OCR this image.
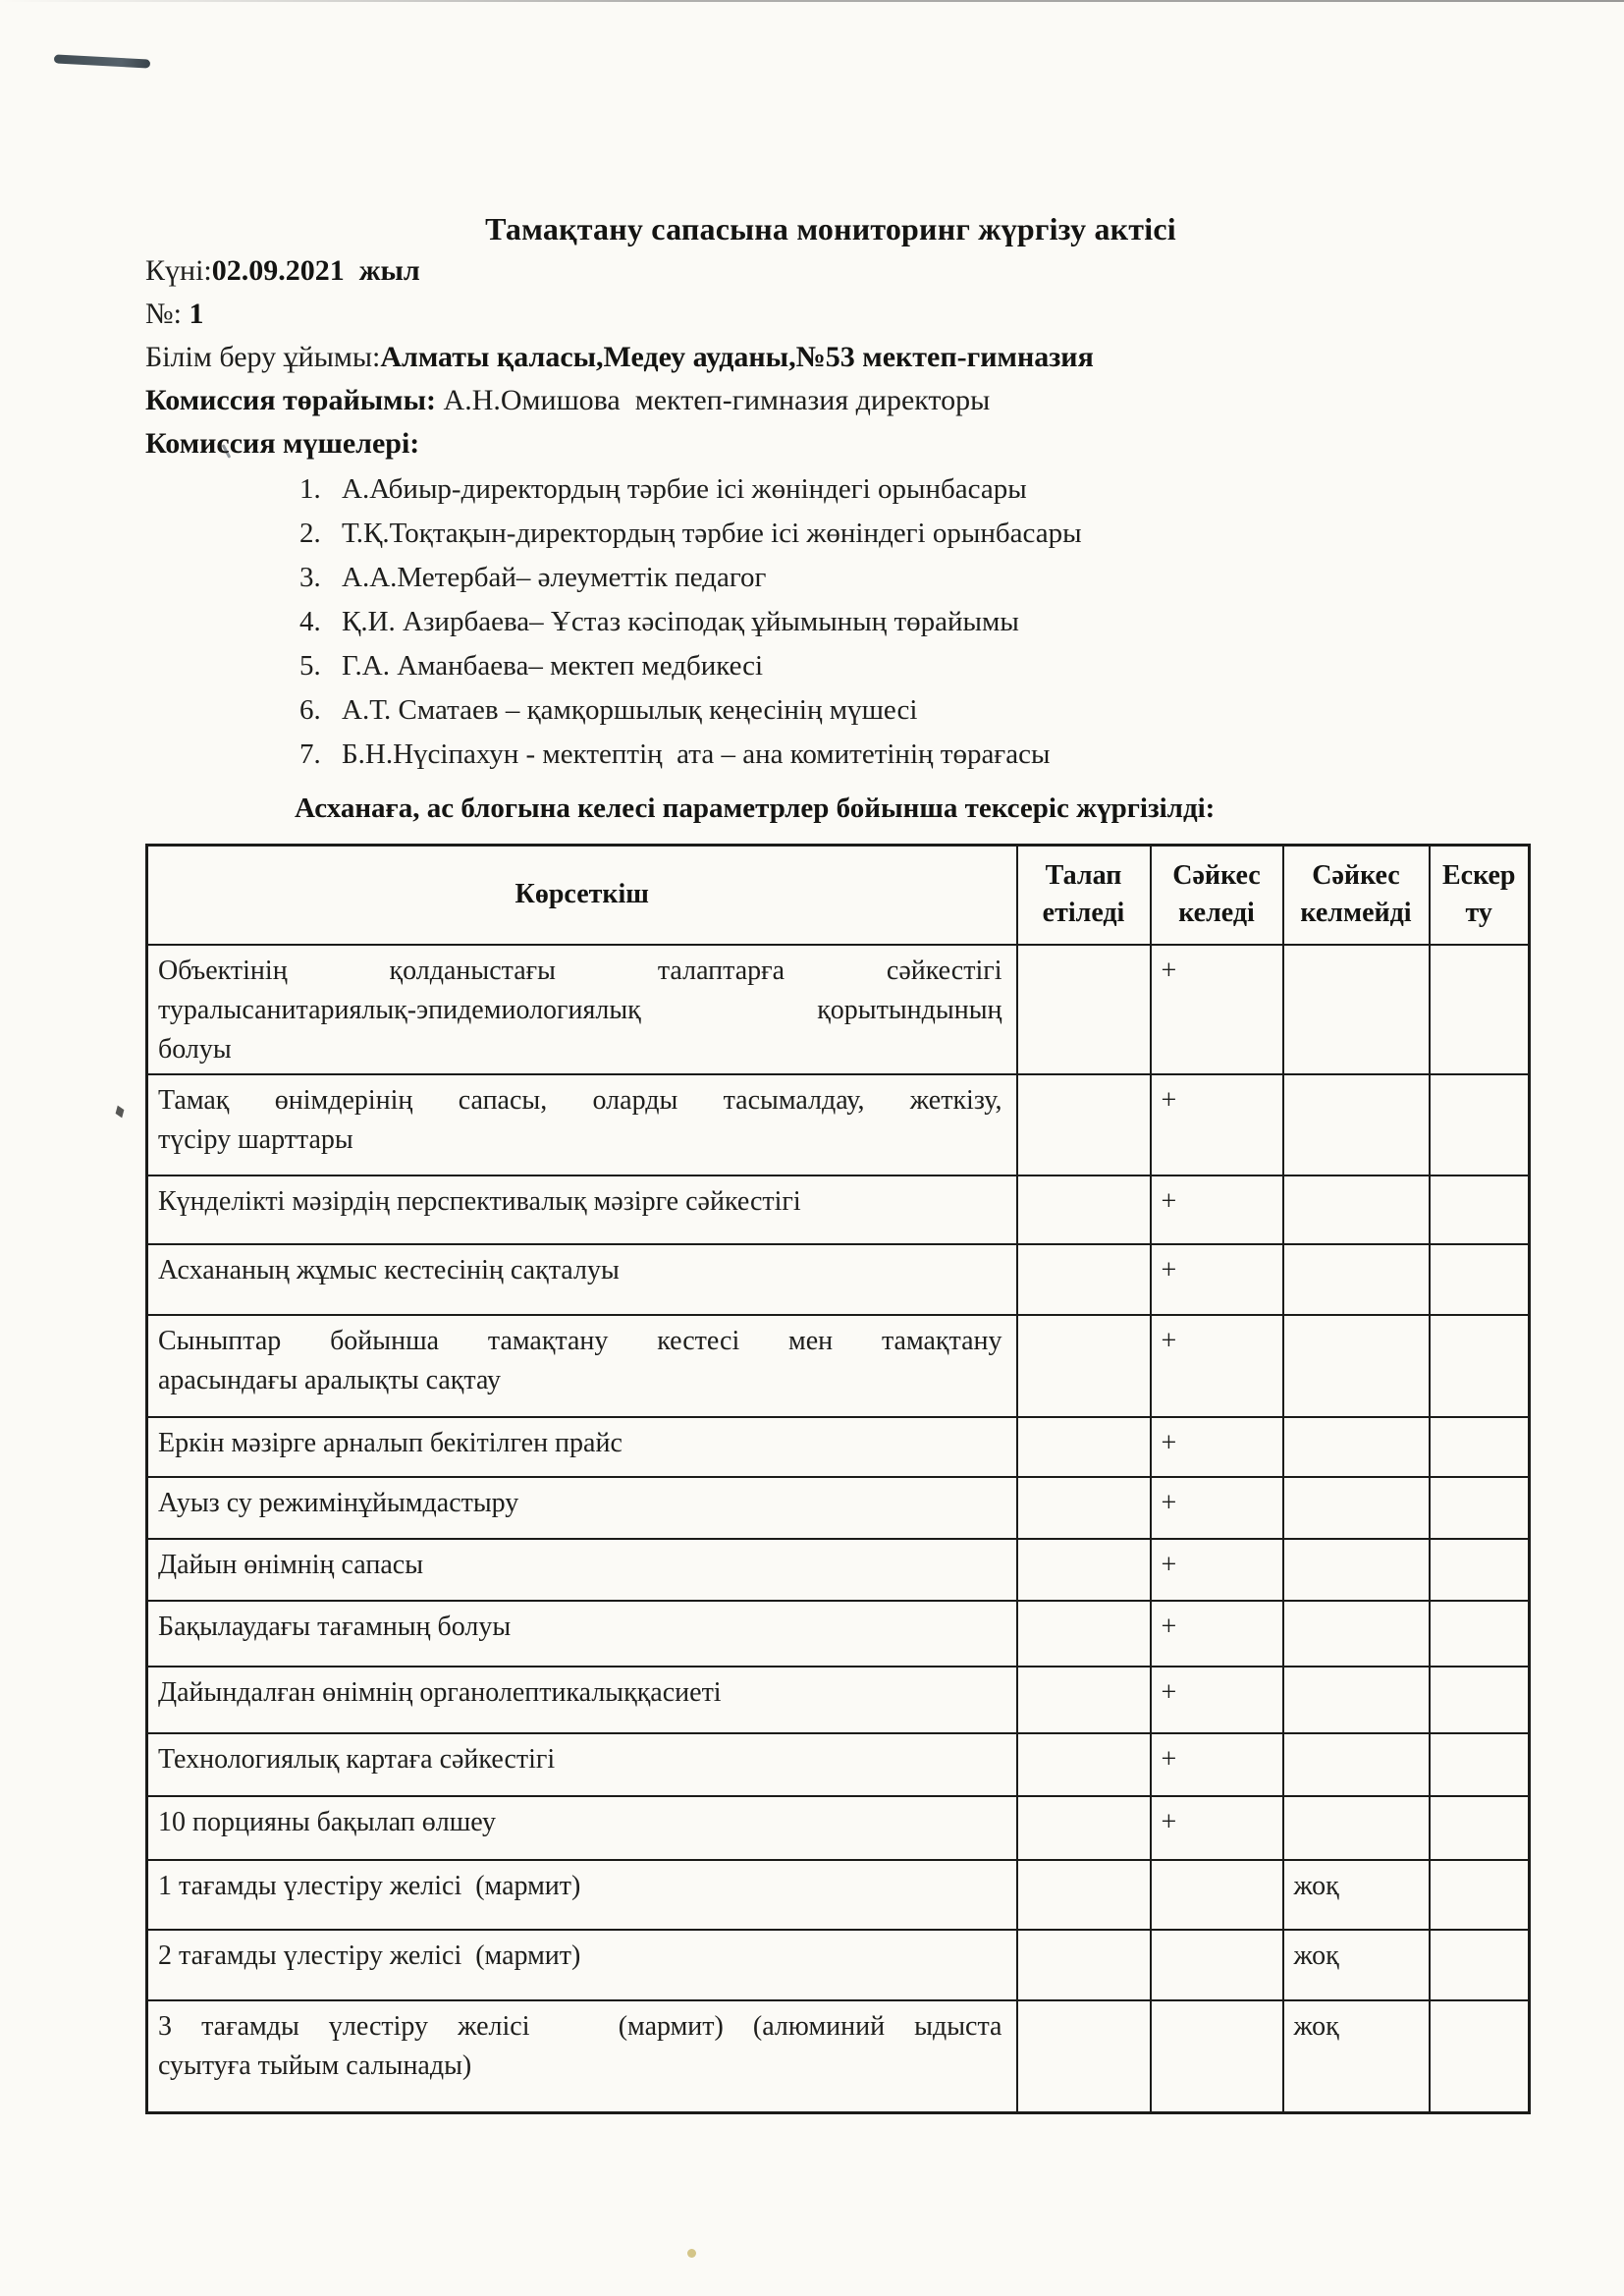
Тамақтану сапасына мониторинг жүргізу актісі
Күні:02.09.2021  жыл
№: 1
Білім беру ұйымы:Алматы қаласы,Медеу ауданы,№53 мектеп-гимназия
Комиссия төрайымы: А.Н.Омишова  мектеп-гимназия директоры
Комиссия мүшелері:
1. А.Абиыр-директордың тәрбие ісі жөніндегі орынбасары
2. Т.Қ.Тоқтақын-директордың тәрбие ісі жөніндегі орынбасары
3. А.А.Метербай– әлеуметтік педагог
4. Қ.И. Азирбаева– Ұстаз кәсіподақ ұйымының төрайымы
5. Г.А. Аманбаева– мектеп медбикесі
6. А.Т. Сматаев – қамқоршылық кеңесінің мүшесі
7. Б.Н.Нүсіпахун - мектептің  ата – ана комитетінің төрағасы
Асханаға, ас блогына келесі параметрлер бойынша тексеріс жүргізілді:
Көрсеткіш	Талап етіледі	Сәйкес келеді	Сәйкес келмейді	Ескерту

Объектінің қолданыстағы талаптарға сәйкестігі
туралысанитариялық-эпидемиологиялық қорытындының
болуы		+		

Тамақ өнімдерінің сапасы, оларды тасымалдау, жеткізу,
түсіру шарттары		+		
Күнделікті мәзірдің перспективалық мәзірге сәйкестігі		+		
Асхананың жұмыс кестесінің сақталуы		+		

Сыныптар бойынша тамақтану кестесі мен тамақтану
арасындағы аралықты сақтау		+		
Еркін мәзірге арналып бекітілген прайс		+		
Ауыз су режимінұйымдастыру		+		
Дайын өнімнің сапасы		+		
Бақылаудағы тағамның болуы		+		
Дайындалған өнімнің органолептикалыққасиеті		+		
Технологиялық картаға сәйкестігі		+		
10 порцияны бақылап өлшеу		+		
1 тағамды үлестіру желісі  (мармит)			жоқ	
2 тағамды үлестіру желісі  (мармит)			жоқ	

3 тағамды үлестіру желісі   (мармит) (алюминий ыдыста
суытуға тыйым салынады)			жоқ	
